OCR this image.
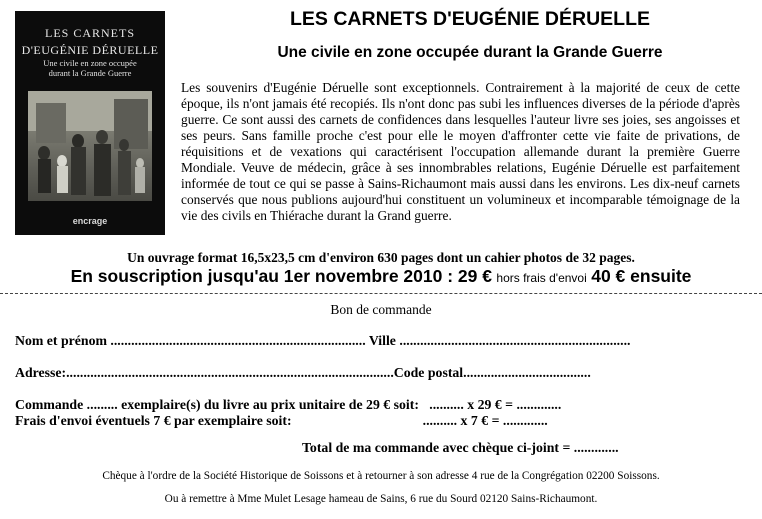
LES CARNETS
D'EUGÉNIE DÉRUELLE
Une civile en zone occupée
durant la Grande Guerre
encrage
LES CARNETS D'EUGÉNIE DÉRUELLE
Une civile en zone occupée durant la Grande Guerre

Les souvenirs d'Eugénie Déruelle sont exceptionnels. Contrairement à la majorité de ceux de cette époque, ils n'ont jamais été recopiés. Ils n'ont donc pas subi les influences diverses de la période d'après guerre. Ce sont aussi des carnets de confidences dans lesquelles l'auteur livre ses joies, ses angoisses et ses peurs. Sans famille proche c'est pour elle le moyen d'affronter cette vie faite de privations, de réquisitions et de vexations qui caractérisent l'occupation allemande durant la première Guerre Mondiale. Veuve de médecin, grâce à ses innombrables relations, Eugénie Déruelle est parfaitement informée de tout ce qui se passe à Sains-Richaumont mais aussi dans les environs. Les dix-neuf carnets conservés que nous publions aujourd'hui constituent un volumineux et incomparable témoignage de la vie des civils en Thiérache durant la Grand guerre.

Un ouvrage format 16,5x23,5 cm d'environ 630 pages dont un cahier photos de 32 pages.
En souscription jusqu'au 1er novembre 2010 : 29 € hors frais d'envoi 40 € ensuite
Bon de commande
Nom et prénom .......................................................................... Ville ...................................................................
Adresse:...............................................................................................Code postal.....................................
Commande ......... exemplaire(s) du livre au prix unitaire de 29 € soit:   .......... x 29 € = .............
Frais d'envoi éventuels 7 € par exemplaire soit:                                      .......... x 7 € = .............
Total de ma commande avec chèque ci-joint = .............
Chèque à l'ordre de la Société Historique de Soissons et à retourner à son adresse 4 rue de la Congrégation 02200 Soissons.
Ou à remettre à Mme Mulet Lesage hameau de Sains, 6 rue du Sourd 02120 Sains-Richaumont.
